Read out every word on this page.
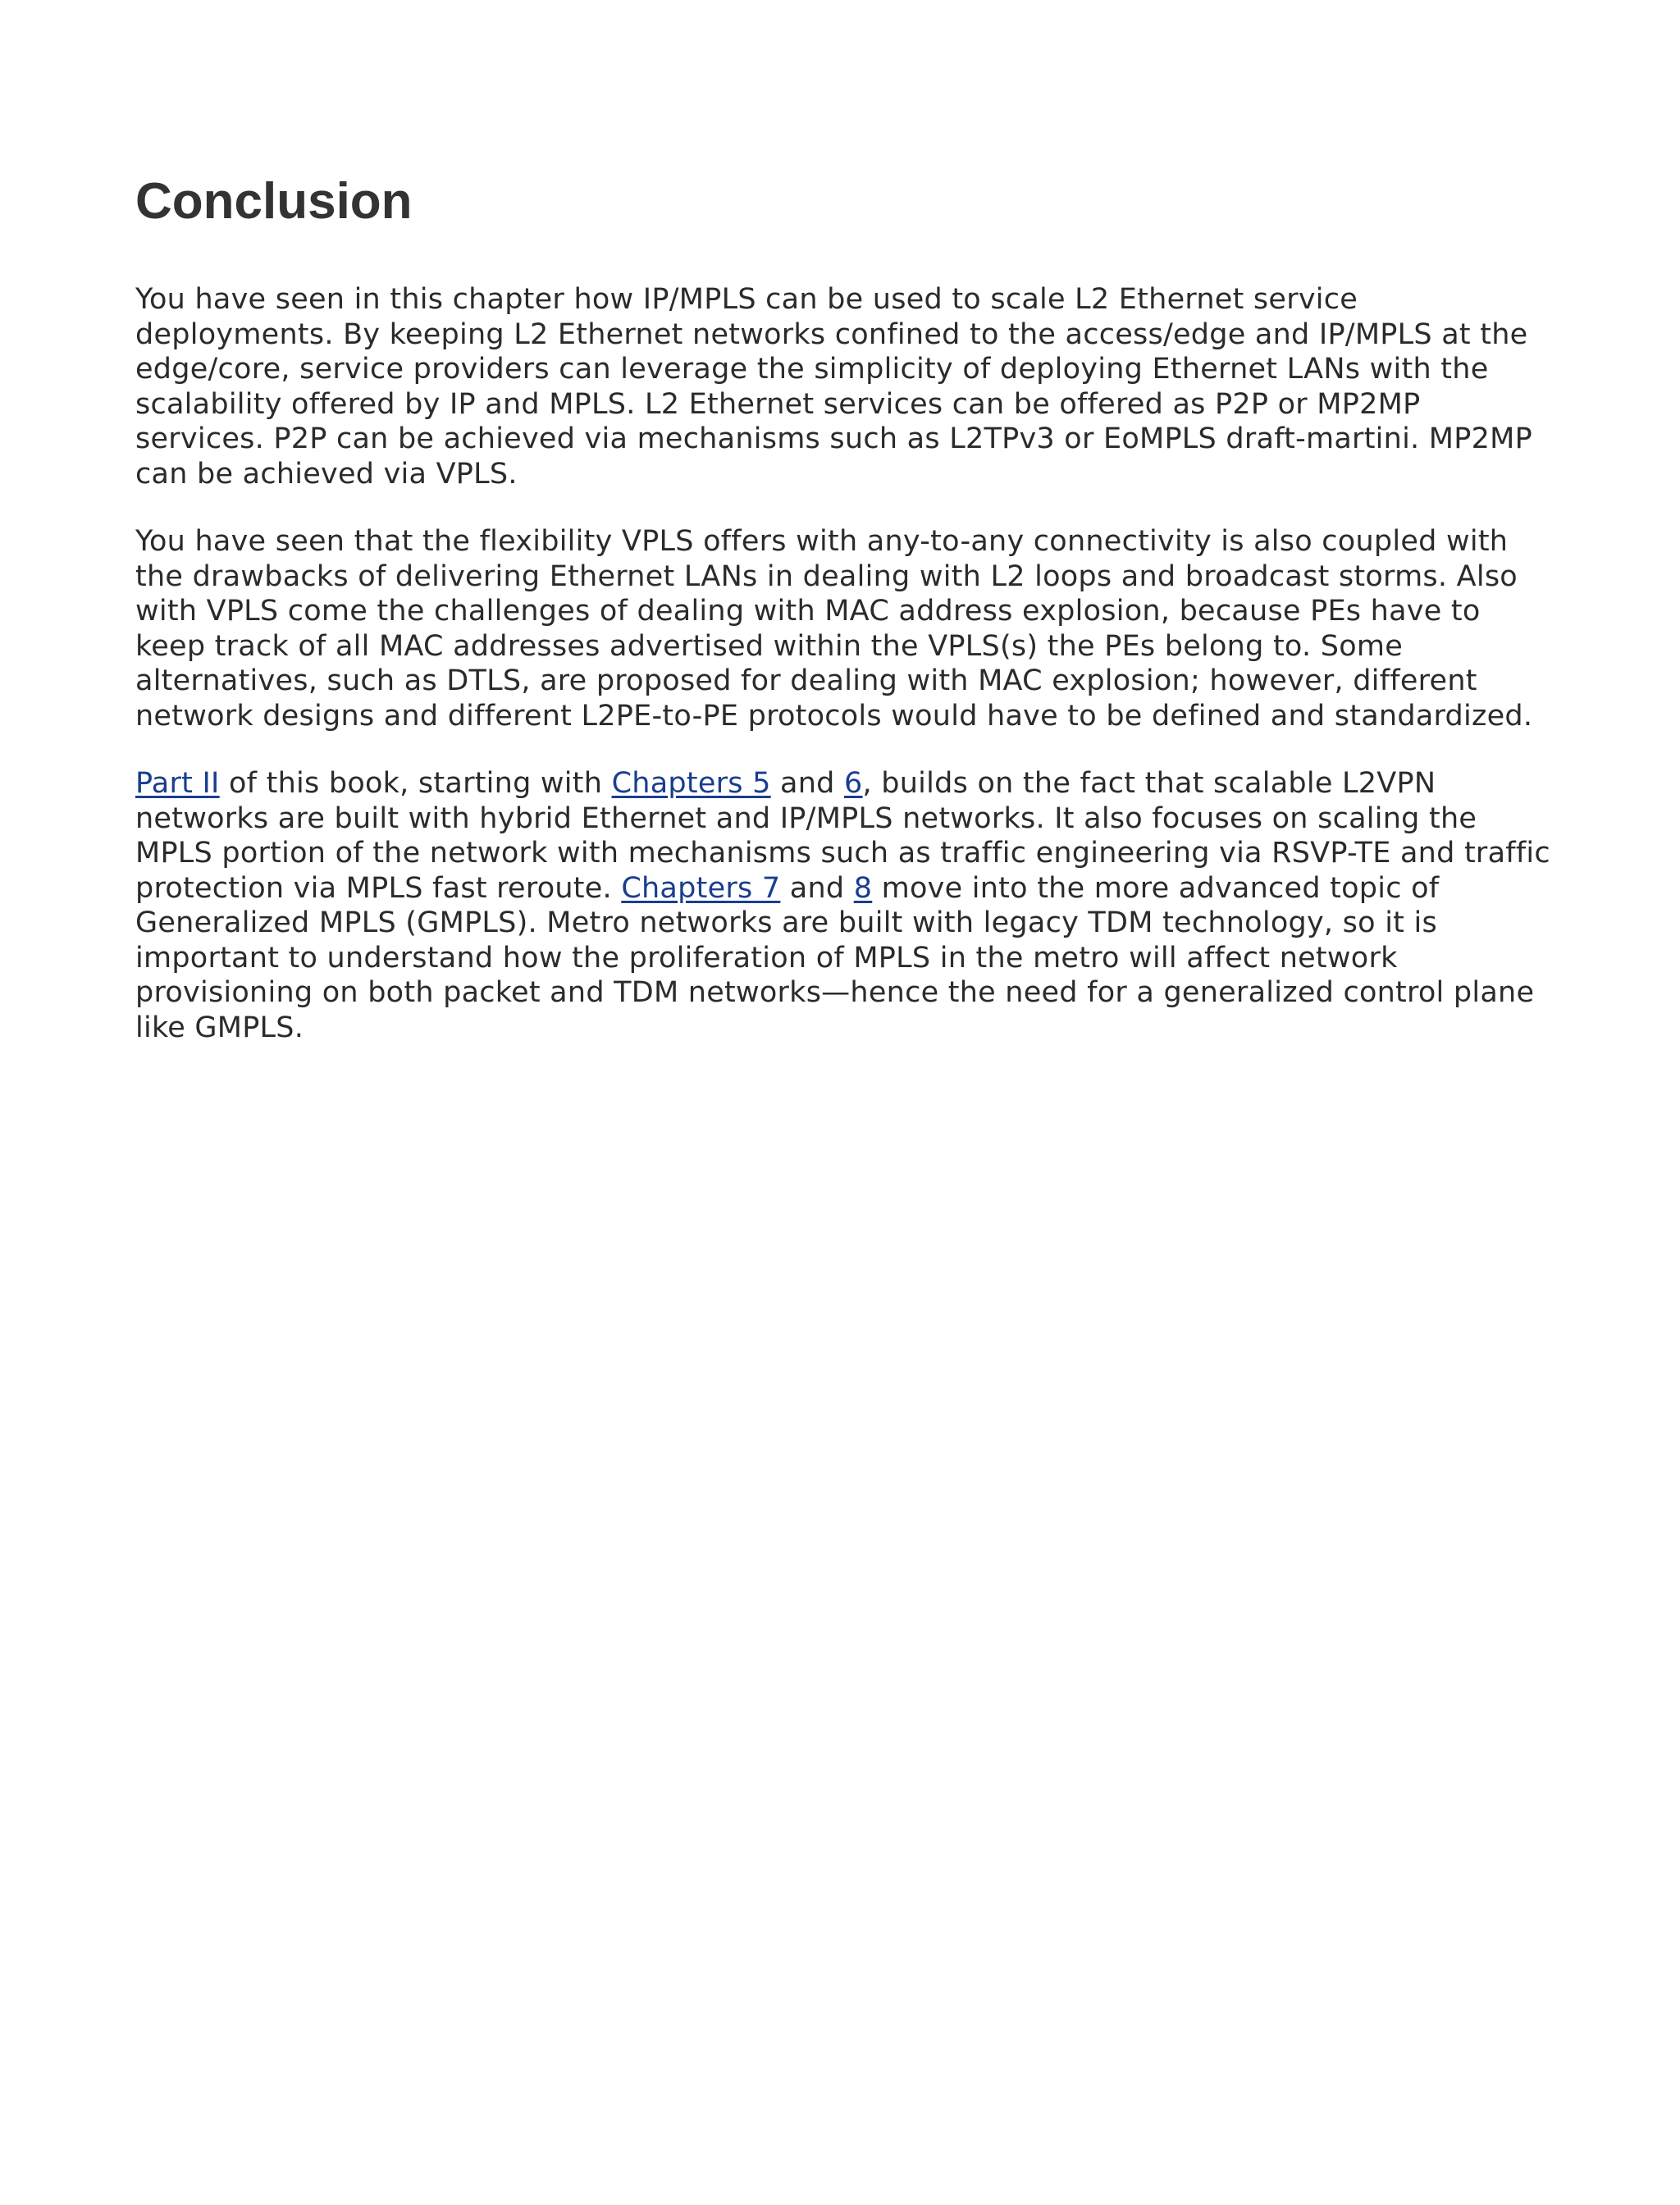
Conclusion

You have seen in this chapter how IP/MPLS can be used to scale L2 Ethernet service deployments. By keeping L2 Ethernet networks confined to the access/edge and IP/MPLS at the edge/core, service providers can leverage the simplicity of deploying Ethernet LANs with the scalability offered by IP and MPLS. L2 Ethernet services can be offered as P2P or MP2MP services. P2P can be achieved via mechanisms such as L2TPv3 or EoMPLS draft-martini. MP2MP can be achieved via VPLS.

You have seen that the flexibility VPLS offers with any-to-any connectivity is also coupled with the drawbacks of delivering Ethernet LANs in dealing with L2 loops and broadcast storms. Also with VPLS come the challenges of dealing with MAC address explosion, because PEs have to keep track of all MAC addresses advertised within the VPLS(s) the PEs belong to. Some alternatives, such as DTLS, are proposed for dealing with MAC explosion; however, different network designs and different L2PE-to-PE protocols would have to be defined and standardized.

Part II of this book, starting with Chapters 5 and 6, builds on the fact that scalable L2VPN networks are built with hybrid Ethernet and IP/MPLS networks. It also focuses on scaling the MPLS portion of the network with mechanisms such as traffic engineering via RSVP-TE and traffic protection via MPLS fast reroute. Chapters 7 and 8 move into the more advanced topic of Generalized MPLS (GMPLS). Metro networks are built with legacy TDM technology, so it is important to understand how the proliferation of MPLS in the metro will affect network provisioning on both packet and TDM networks—hence the need for a generalized control plane like GMPLS.
